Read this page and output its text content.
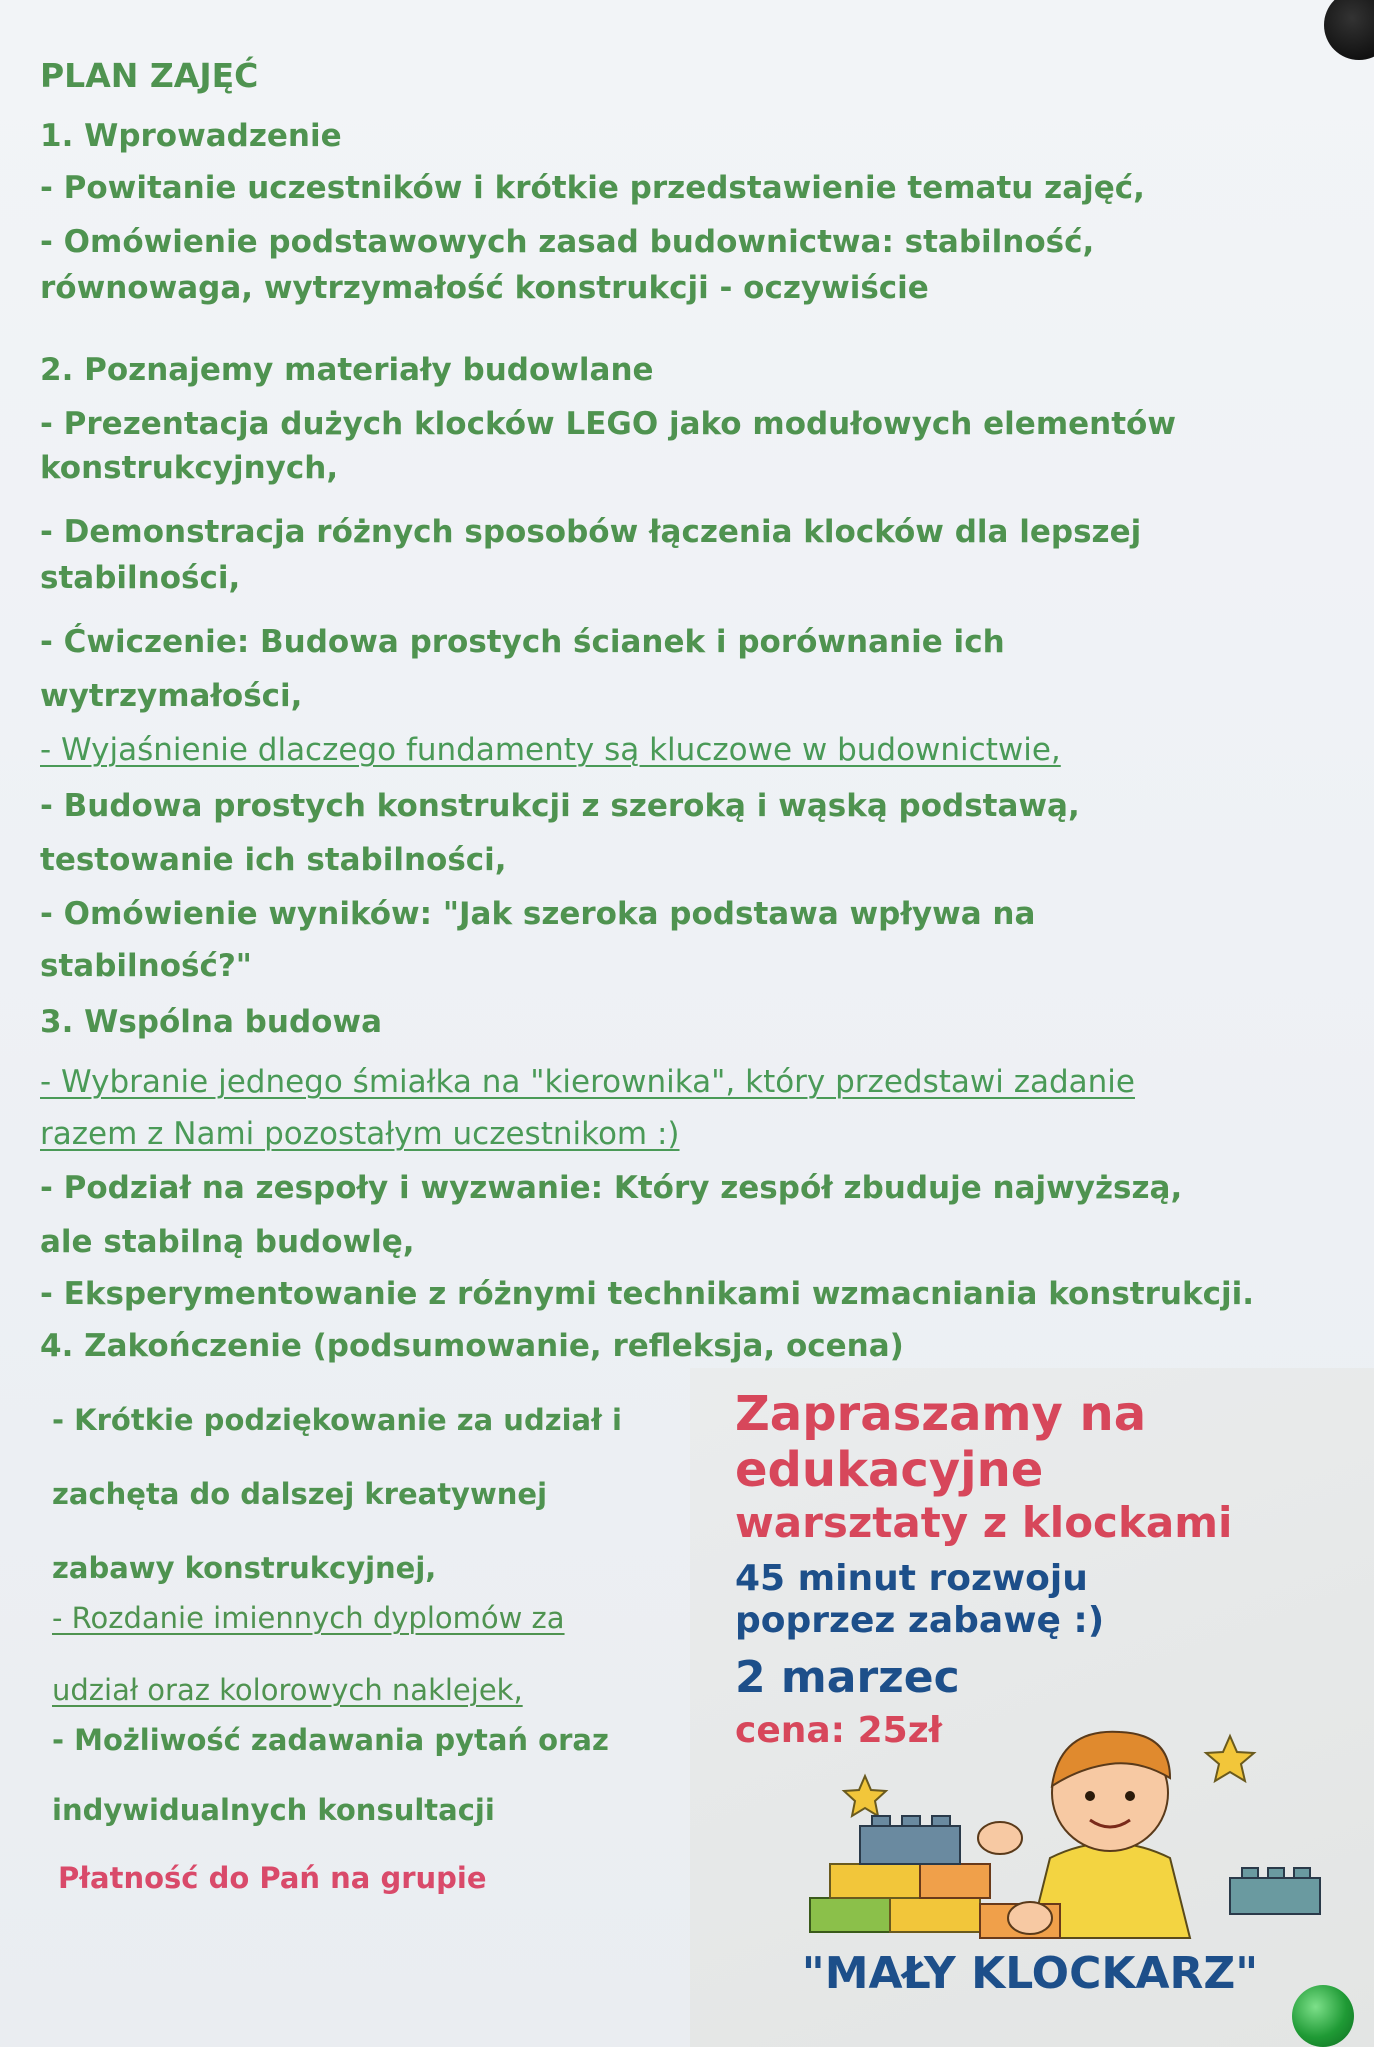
PLAN ZAJĘĆ

1. Wprowadzenie

- Powitanie uczestników i krótkie przedstawienie tematu zajęć,

- Omówienie podstawowych zasad budownictwa: stabilność,

równowaga, wytrzymałość konstrukcji - oczywiście

2. Poznajemy materiały budowlane

- Prezentacja dużych klocków LEGO jako modułowych elementów

konstrukcyjnych,

- Demonstracja różnych sposobów łączenia klocków dla lepszej

stabilności,

- Ćwiczenie: Budowa prostych ścianek i porównanie ich

wytrzymałości,

- Wyjaśnienie dlaczego fundamenty są kluczowe w budownictwie,

- Budowa prostych konstrukcji z szeroką i wąską podstawą,

testowanie ich stabilności,

- Omówienie wyników: "Jak szeroka podstawa wpływa na

stabilność?"

3. Wspólna budowa

- Wybranie jednego śmiałka na "kierownika", który przedstawi zadanie

razem z Nami pozostałym uczestnikom :)

- Podział na zespoły i wyzwanie: Który zespół zbuduje najwyższą,

ale stabilną budowlę,

- Eksperymentowanie z różnymi technikami wzmacniania konstrukcji.

4. Zakończenie (podsumowanie, refleksja, ocena)

- Krótkie podziękowanie za udział i

zachęta do dalszej kreatywnej

zabawy konstrukcyjnej,

- Rozdanie imiennych dyplomów za

udział oraz kolorowych naklejek,

- Możliwość zadawania pytań oraz

indywidualnych konsultacji

Płatność do Pań na grupie

Zapraszamy na

edukacyjne

warsztaty z klockami

45 minut rozwoju

poprzez zabawę :)

2 marzec

cena: 25zł

"MAŁY KLOCKARZ"
